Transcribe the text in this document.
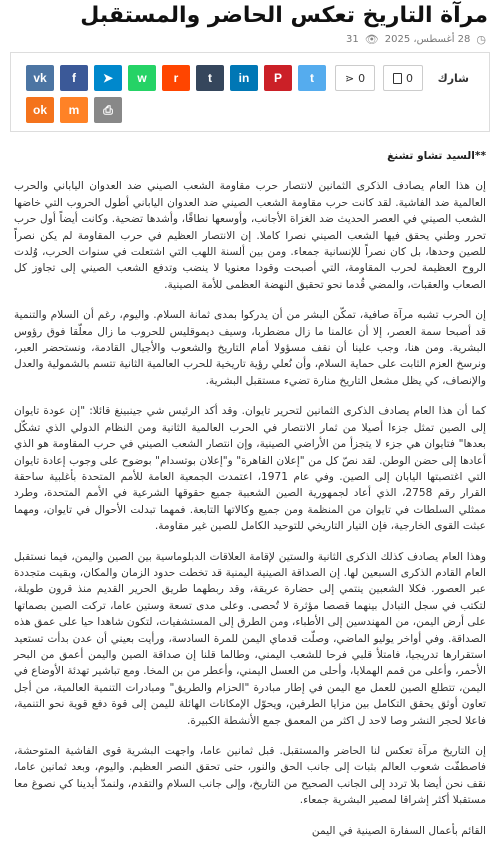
مرآة التاريخ تعكس الحاضر والمستقبل
◷
28 أغسطس، 2025
👁
31
شارك
0
0
⋖
t
P
in
t
r
w
➤
f
vk
ok m ⎙

**السيد تشاو تشنغ

إن هذا العام يصادف الذكرى الثمانين لانتصار حرب مقاومة الشعب الصيني ضد العدوان الياباني والحرب العالمية ضد الفاشية. لقد كانت حرب مقاومة الشعب الصيني ضد العدوان الياباني أطول الحروب التي خاضها الشعب الصيني في العصر الحديث ضد الغزاة الأجانب، وأوسعها نطاقًا، وأشدها تضحية. وكانت أيضاً أول حرب تحرر وطني يحقق فيها الشعب الصيني نصرا كاملا. إن الانتصار العظيم في حرب المقاومة لم يكن نصراً للصين وحدها، بل كان نصراً للإنسانية جمعاء. ومن بين ألسنة اللهب التي اشتعلت في سنوات الحرب، وُلدت الروح العظيمة لحرب المقاومة، التي أصبحت وقودا معنويا لا ينضب وتدفع الشعب الصيني إلى تجاوز كل الصعاب والعقبات، والمضي قُدما نحو تحقيق النهضة العظمى للأمة الصينية.

إن الحرب تشبه مرآة صافية، تمكّن البشر من أن يدركوا بمدى ثمانة السلام. واليوم، رغم أن السلام والتنمية قد أصبحا سمة العصر، إلا أن عالمنا ما زال مضطربا، وسيف ديموقليس للحروب ما زال معلّقا فوق رؤوس البشرية. ومن هنا، وجب علينا أن نقف مسؤولا أمام التاريخ والشعوب والأجيال القادمة، ونستحضر العبر، ونرسخ العزم الثابت على حماية السلام، وأن نُعلي رؤية تاريخية للحرب العالمية الثانية تتسم بالشمولية والعدل والإنصاف، كي يظل مشعل التاريخ منارة تضيء مستقبل البشرية.

كما أن هذا العام يصادف الذكرى الثمانين لتحرير تايوان. وقد أكد الرئيس شي جينبينغ قائلا: "إن عودة تايوان إلى الصين تمثل جزءا أصيلا من ثمار الانتصار في الحرب العالمية الثانية ومن النظام الدولي الذي تشكّل بعدها" فتايوان هي جزء لا يتجزأ من الأراضي الصينية، وإن انتصار الشعب الصيني في حرب المقاومة هو الذي أعادها إلى حضن الوطن. لقد نصّ كل من "إعلان القاهرة" و"إعلان بوتسدام" بوضوح على وجوب إعادة تايوان التي اغتصبتها اليابان إلى الصين. وفي عام 1971، اعتمدت الجمعية العامة للأمم المتحدة بأغلبية ساحقة القرار رقم 2758، الذي أعاد لجمهورية الصين الشعبية جميع حقوقها الشرعية في الأمم المتحدة، وطرد ممثلي السلطات في تايوان من المنظمة ومن جميع وكالاتها التابعة. فمهما تبدلت الأحوال في تايوان، ومهما عبثت القوى الخارجية، فإن التيار التاريخي للتوحيد الكامل للصين غير مقاومة.

وهذا العام يصادف كذلك الذكرى الثانية والستين لإقامة العلاقات الدبلوماسية بين الصين واليمن، فيما نستقبل العام القادم الذكرى السبعين لها. إن الصداقة الصينية اليمنية قد تخطت حدود الزمان والمكان، وبقيت متجددة عبر العصور. فكلا الشعبين ينتمي إلى حضارة عريقة، وقد ربطهما طريق الحرير القديم منذ قرون طويلة، لتكتب في سجل التبادل بينهما قصصا مؤثرة لا تُحصى. وعلى مدى تسعة وستين عاما، تركت الصين بصماتها على أرض اليمن، من المهندسين إلى الأطباء، ومن الطرق إلى المستشفيات، لتكون شاهدا حيا على عمق هذه الصداقة. وفي أواخر يوليو الماضي، وصلّت قدماي اليمن للمرة السادسة، ورأيت بعيني أن عدن بدأت تستعيد استقرارها تدريجيا، فامتلأ قلبي فرحا للشعب اليمني، وطالما قلنا إن صداقة الصين واليمن أعمق من البحر الأحمر، وأعلى من قمم الهملايا، وأحلى من العسل اليمني، وأعطر من بن المخا. ومع تباشير تهدئة الأوضاع في اليمن، تتطلع الصين للعمل مع اليمن في إطار مبادرة "الحزام والطريق" ومبادرات التنمية العالمية، من أجل تعاون أوثق يحقق التكامل بين مزايا الطرفين، ويحوّل الإمكانات الهائلة لليمن إلى قوة دفع قوية نحو التنمية، فاعلا لحجر النشر وصا لاحد ل اكثر من المعمق جمع الأنشطة الكبيرة.

إن التاريخ مرآة تعكس لنا الحاضر والمستقبل. قبل ثمانين عاما، واجهت البشرية قوى الفاشية المتوحشة، فاصطفّت شعوب العالم بثبات إلى جانب الحق والنور، حتى تحقق النصر العظيم. واليوم، وبعد ثمانين عاما، نقف نحن أيضا بلا تردد إلى الجانب الصحيح من التاريخ، وإلى جانب السلام والتقدم، ولنمدّ أيدينا كي نصوغ معا مستقبلا أكثر إشراقا لمصير البشرية جمعاء.

القائم بأعمال السفارة الصينية في اليمن
